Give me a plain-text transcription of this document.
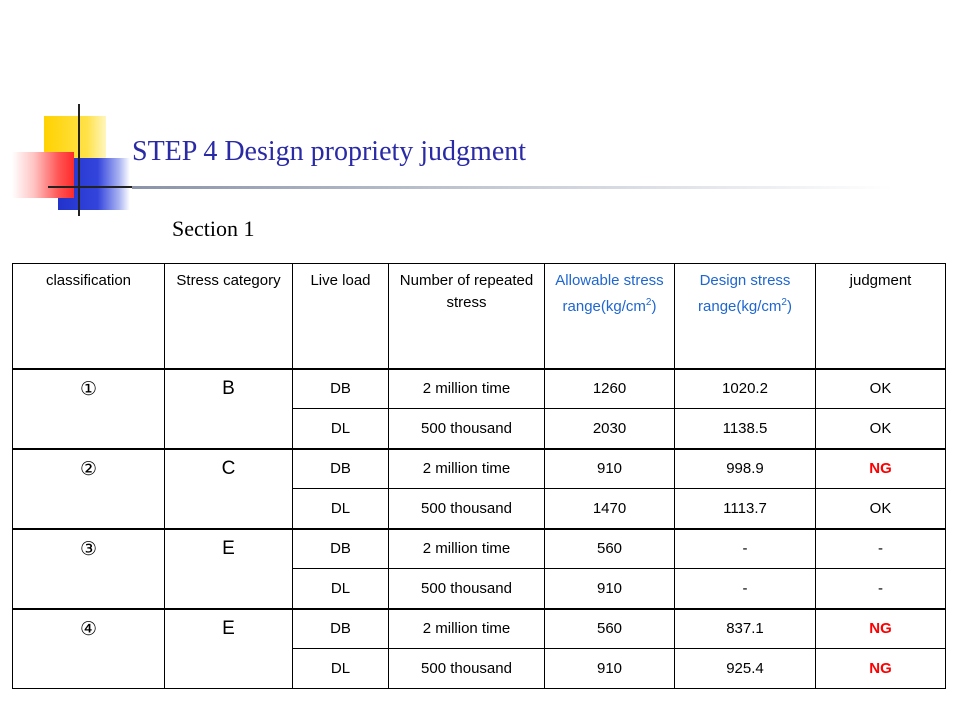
STEP 4 Design propriety judgment
Section 1
classification	Stress category	Live load	Number of repeated stress	Allowable stress $range(kg/cm^2)$	Design stress $range(kg/cm^2)$	judgment
①	B	DB	2 million time	1260	1020.2	OK
		DL	500 thousand	2030	1138.5	OK
②	C	DB	2 million time	910	998.9	NG
		DL	500 thousand	1470	1113.7	OK
③	E	DB	2 million time	560	-	-
		DL	500 thousand	910	-	-
④	E	DB	2 million time	560	837.1	NG
		DL	500 thousand	910	925.4	NG
